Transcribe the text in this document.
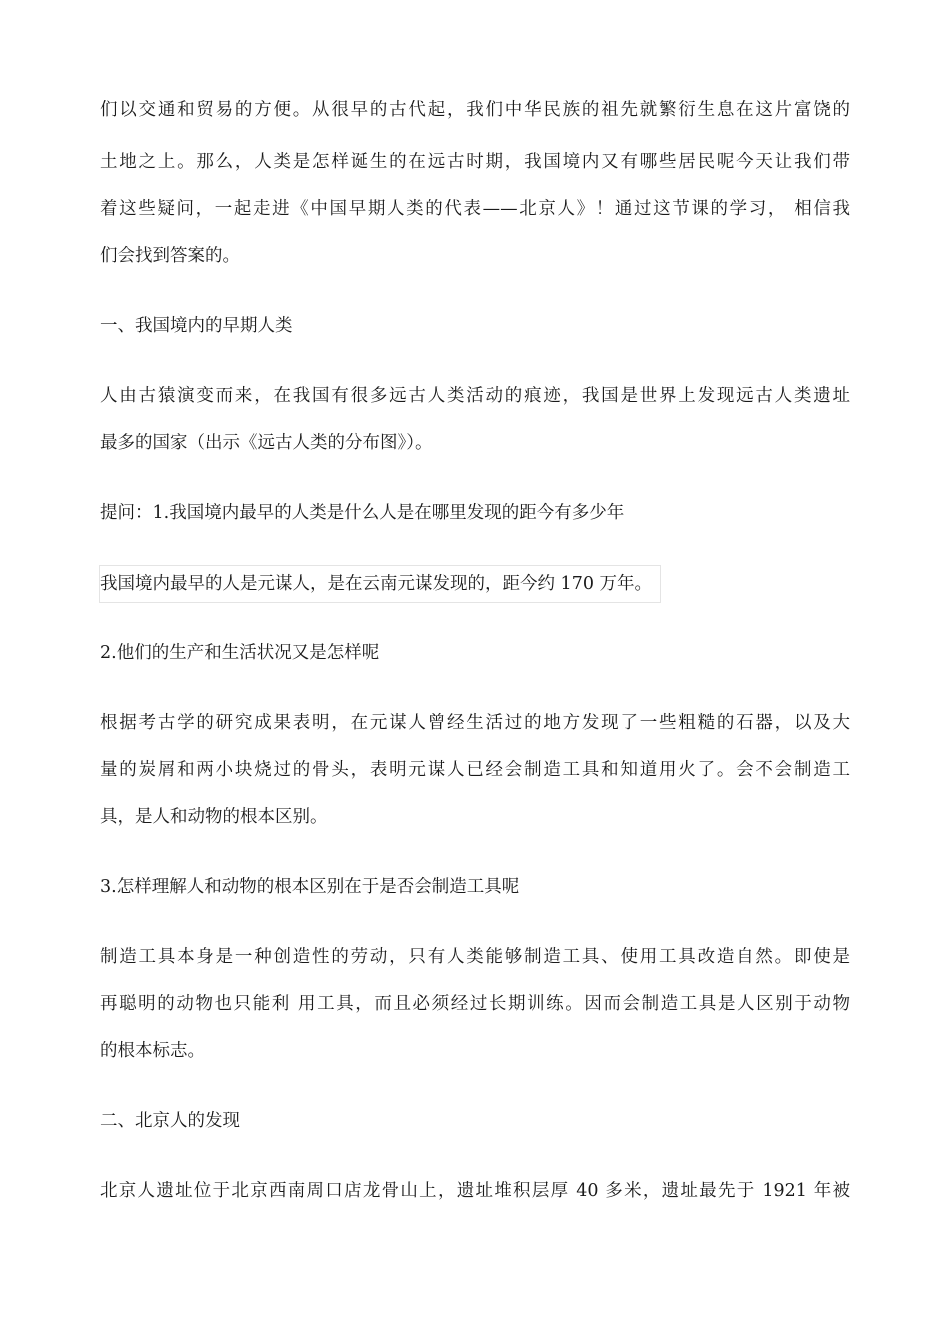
们以交通和贸易的方便。从很早的古代起，我们中华民族的祖先就繁衍生息在这片富饶的
土地之上。那么，人类是怎样诞生的在远古时期，我国境内又有哪些居民呢今天让我们带
着这些疑问，一起走进《中国早期人类的代表——北京人》！通过这节课的学习， 相信我
们会找到答案的。
一、我国境内的早期人类
人由古猿演变而来，在我国有很多远古人类活动的痕迹，我国是世界上发现远古人类遗址
最多的国家（出示《远古人类的分布图》）。
提问：1.我国境内最早的人类是什么人是在哪里发现的距今有多少年
我国境内最早的人是元谋人，是在云南元谋发现的，距今约 170 万年。
2.他们的生产和生活状况又是怎样呢
根据考古学的研究成果表明，在元谋人曾经生活过的地方发现了一些粗糙的石器，以及大
量的炭屑和两小块烧过的骨头，表明元谋人已经会制造工具和知道用火了。会不会制造工
具，是人和动物的根本区别。
3.怎样理解人和动物的根本区别在于是否会制造工具呢
制造工具本身是一种创造性的劳动，只有人类能够制造工具、使用工具改造自然。即使是
再聪明的动物也只能利 用工具，而且必须经过长期训练。因而会制造工具是人区别于动物
的根本标志。
二、北京人的发现
北京人遗址位于北京西南周口店龙骨山上，遗址堆积层厚 40 多米，遗址最先于 1921 年被
